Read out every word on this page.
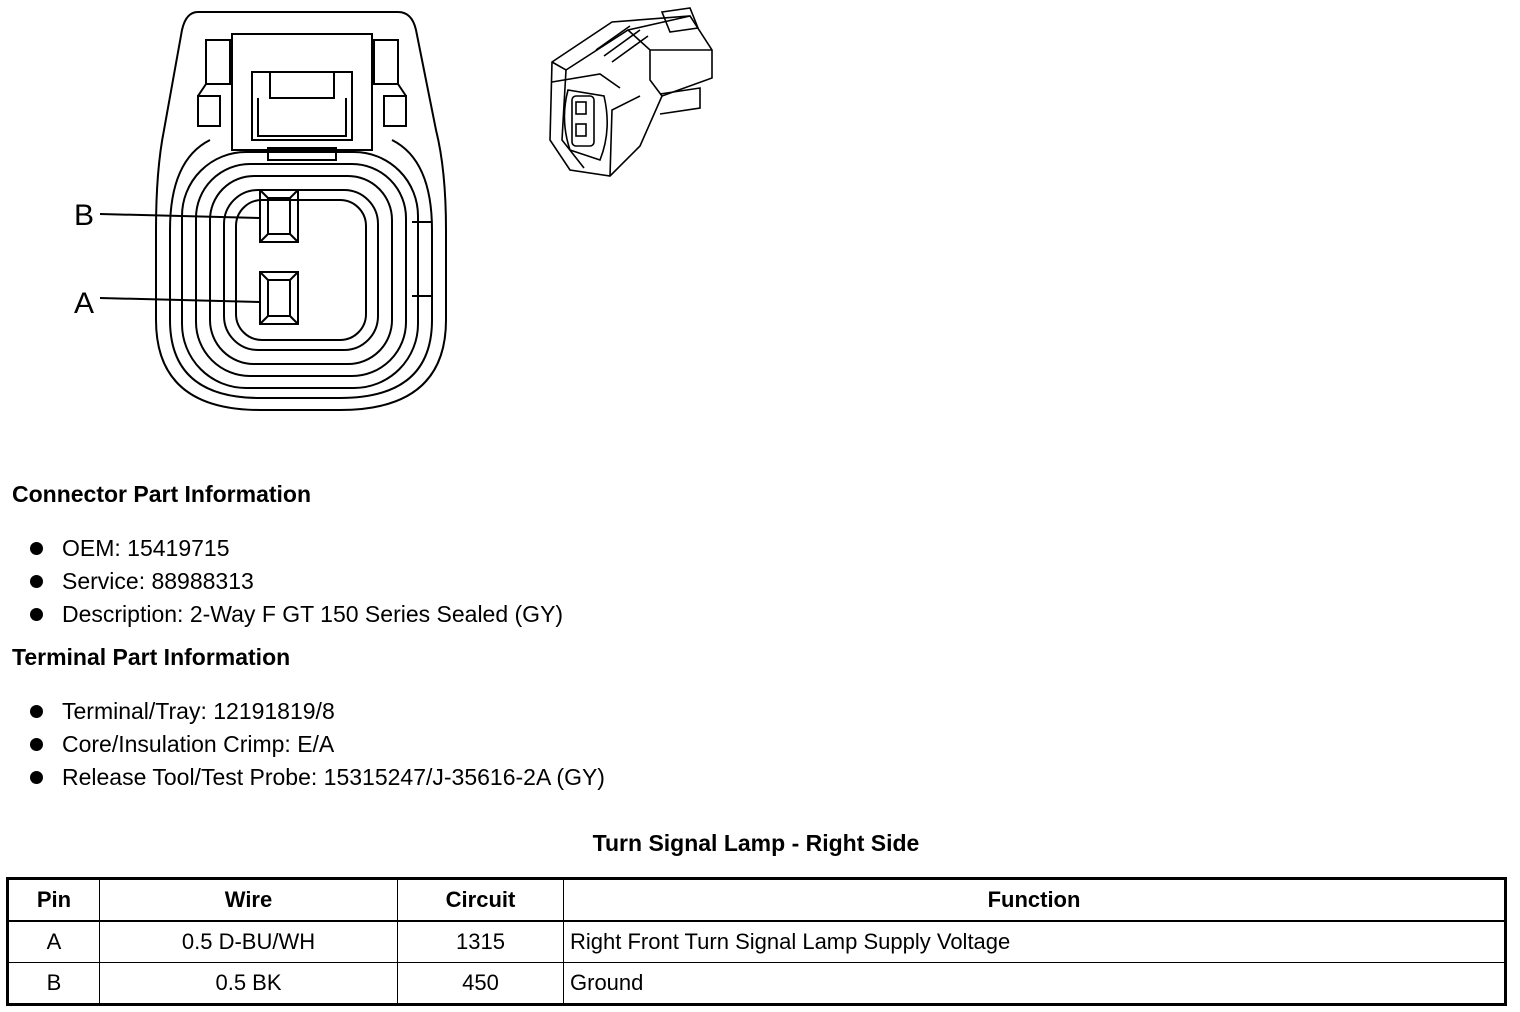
B
A
Connector Part Information
OEM: 15419715
Service: 88988313
Description: 2-Way F GT 150 Series Sealed (GY)
Terminal Part Information
Terminal/Tray: 12191819/8
Core/Insulation Crimp: E/A
Release Tool/Test Probe: 15315247/J-35616-2A (GY)
Turn Signal Lamp - Right Side
Pin	Wire	Circuit	Function
A	0.5 D-BU/WH	1315	Right Front Turn Signal Lamp Supply Voltage
B	0.5 BK	450	Ground
